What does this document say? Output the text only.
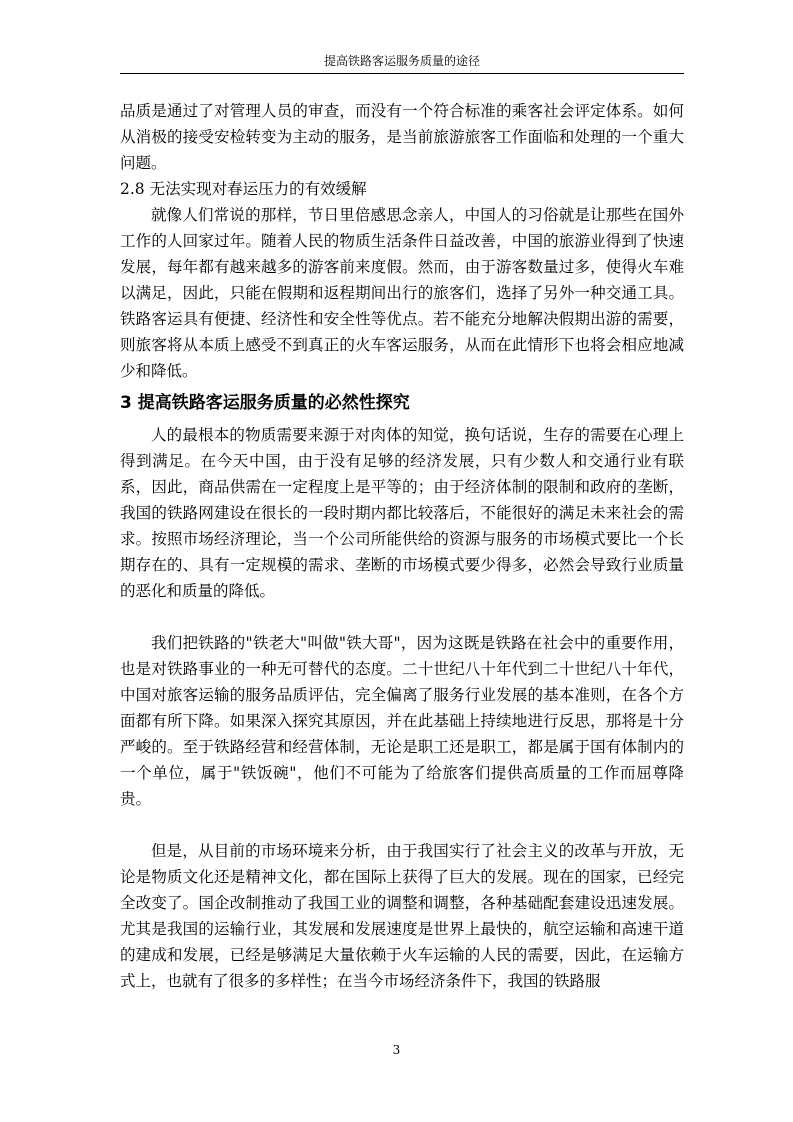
提高铁路客运服务质量的途径

品质是通过了对管理人员的审查，而没有一个符合标准的乘客社会评定体系。如何从消极的接受安检转变为主动的服务，是当前旅游旅客工作面临和处理的一个重大问题。

2.8 无法实现对春运压力的有效缓解

就像人们常说的那样，节日里倍感思念亲人，中国人的习俗就是让那些在国外工作的人回家过年。随着人民的物质生活条件日益改善，中国的旅游业得到了快速发展，每年都有越来越多的游客前来度假。然而，由于游客数量过多，使得火车难以满足，因此，只能在假期和返程期间出行的旅客们，选择了另外一种交通工具。铁路客运具有便捷、经济性和安全性等优点。若不能充分地解决假期出游的需要，则旅客将从本质上感受不到真正的火车客运服务，从而在此情形下也将会相应地减少和降低。

3 提高铁路客运服务质量的必然性探究

人的最根本的物质需要来源于对肉体的知觉，换句话说，生存的需要在心理上得到满足。在今天中国，由于没有足够的经济发展，只有少数人和交通行业有联系，因此，商品供需在一定程度上是平等的；由于经济体制的限制和政府的垄断，我国的铁路网建设在很长的一段时期内都比较落后，不能很好的满足未来社会的需求。按照市场经济理论，当一个公司所能供给的资源与服务的市场模式要比一个长期存在的、具有一定规模的需求、垄断的市场模式要少得多，必然会导致行业质量的恶化和质量的降低。

我们把铁路的"铁老大"叫做"铁大哥"，因为这既是铁路在社会中的重要作用，也是对铁路事业的一种无可替代的态度。二十世纪八十年代到二十世纪八十年代，中国对旅客运输的服务品质评估，完全偏离了服务行业发展的基本准则，在各个方面都有所下降。如果深入探究其原因，并在此基础上持续地进行反思，那将是十分严峻的。至于铁路经营和经营体制，无论是职工还是职工，都是属于国有体制内的一个单位，属于"铁饭碗"，他们不可能为了给旅客们提供高质量的工作而屈尊降贵。

但是，从目前的市场环境来分析，由于我国实行了社会主义的改革与开放，无论是物质文化还是精神文化，都在国际上获得了巨大的发展。现在的国家，已经完全改变了。国企改制推动了我国工业的调整和调整，各种基础配套建设迅速发展。尤其是我国的运输行业，其发展和发展速度是世界上最快的，航空运输和高速干道的建成和发展，已经是够满足大量依赖于火车运输的人民的需要，因此，在运输方式上，也就有了很多的多样性；在当今市场经济条件下，我国的铁路服

3
